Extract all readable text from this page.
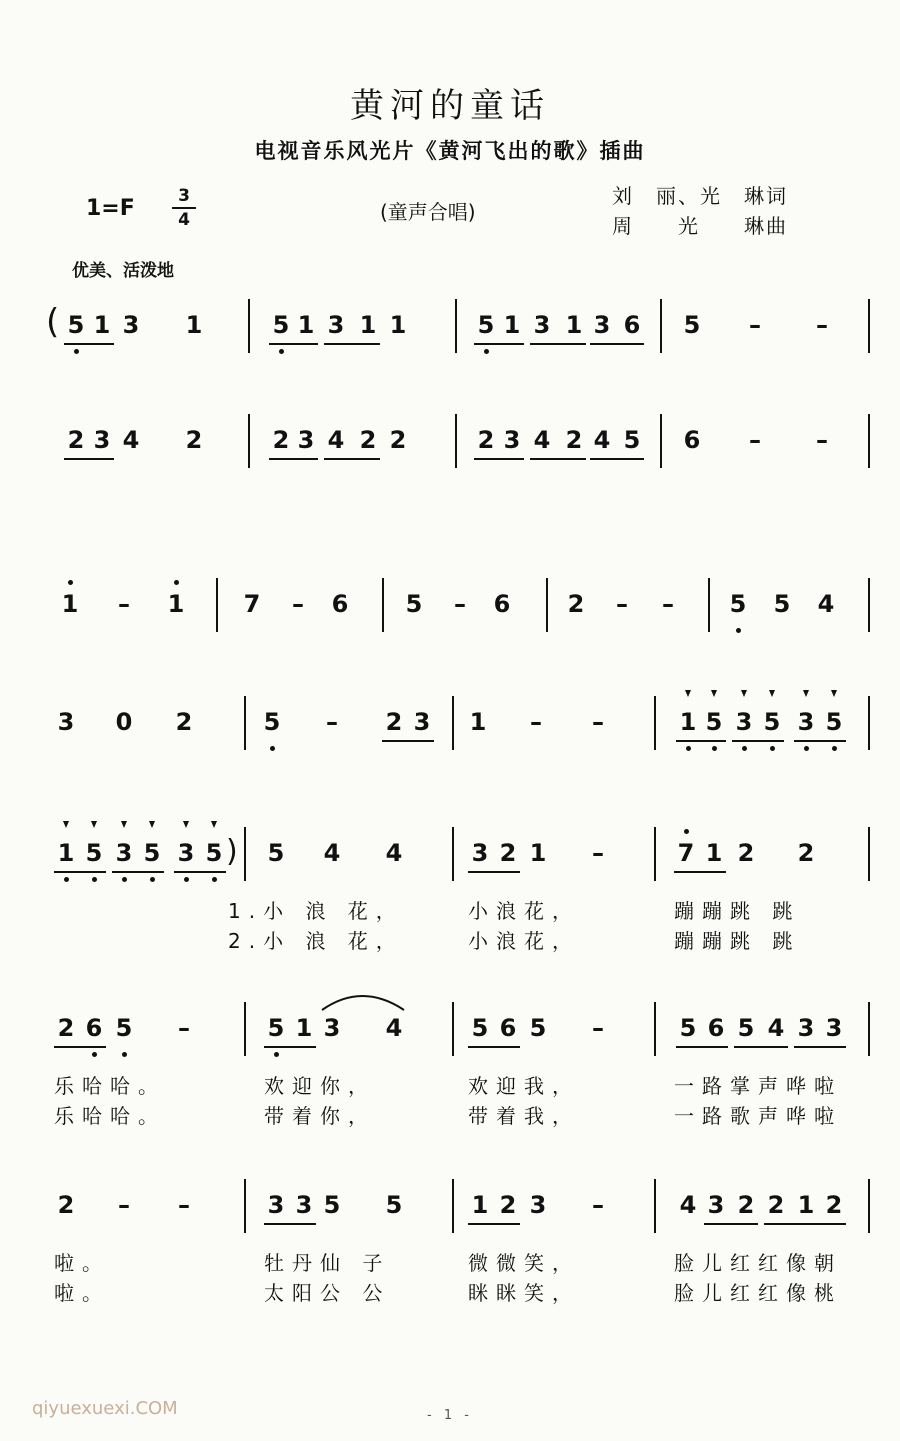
黄河的童话
电视音乐风光片《黄河飞出的歌》插曲
1=F	3
4	(童声合唱)
刘　丽、光　琳词
周　　光　　琳曲
优美、活泼地
( 5 1 3 1	5 1 3 1 1	5 1 3 1 3 6 5	–	–
2 3 4 2	2 3 4 2 2	2 3 4 2 4 5 6	–	–
1	–	1 7	–	6 5	–	6 2	–	–	5 5 4
3 0 2	5	–	2 3 1	–	–	1 5 3 5 3 5
1 5 3 5 3 5 5 4 4	3 2 1	–	7 1 2 2
)
1.小 浪 花，	小浪花，	蹦蹦跳 跳
2.小 浪 花，	小浪花，	蹦蹦跳 跳
2 6 5	–	5 1 3 4	5 6 5	–	5 6 5 4 3 3
乐哈哈。	欢迎你，	欢迎我，	一路掌声哗啦
乐哈哈。	带着你，	带着我，	一路歌声哗啦
2	–	–	3 3 5 5	1 2 3	–	4 3 2 2 1 2
啦。	牡丹仙 子	微微笑，	脸儿红红像朝
啦。	太阳公 公	眯眯笑，	脸儿红红像桃
- 1 -
qiyuexuexi.COM
